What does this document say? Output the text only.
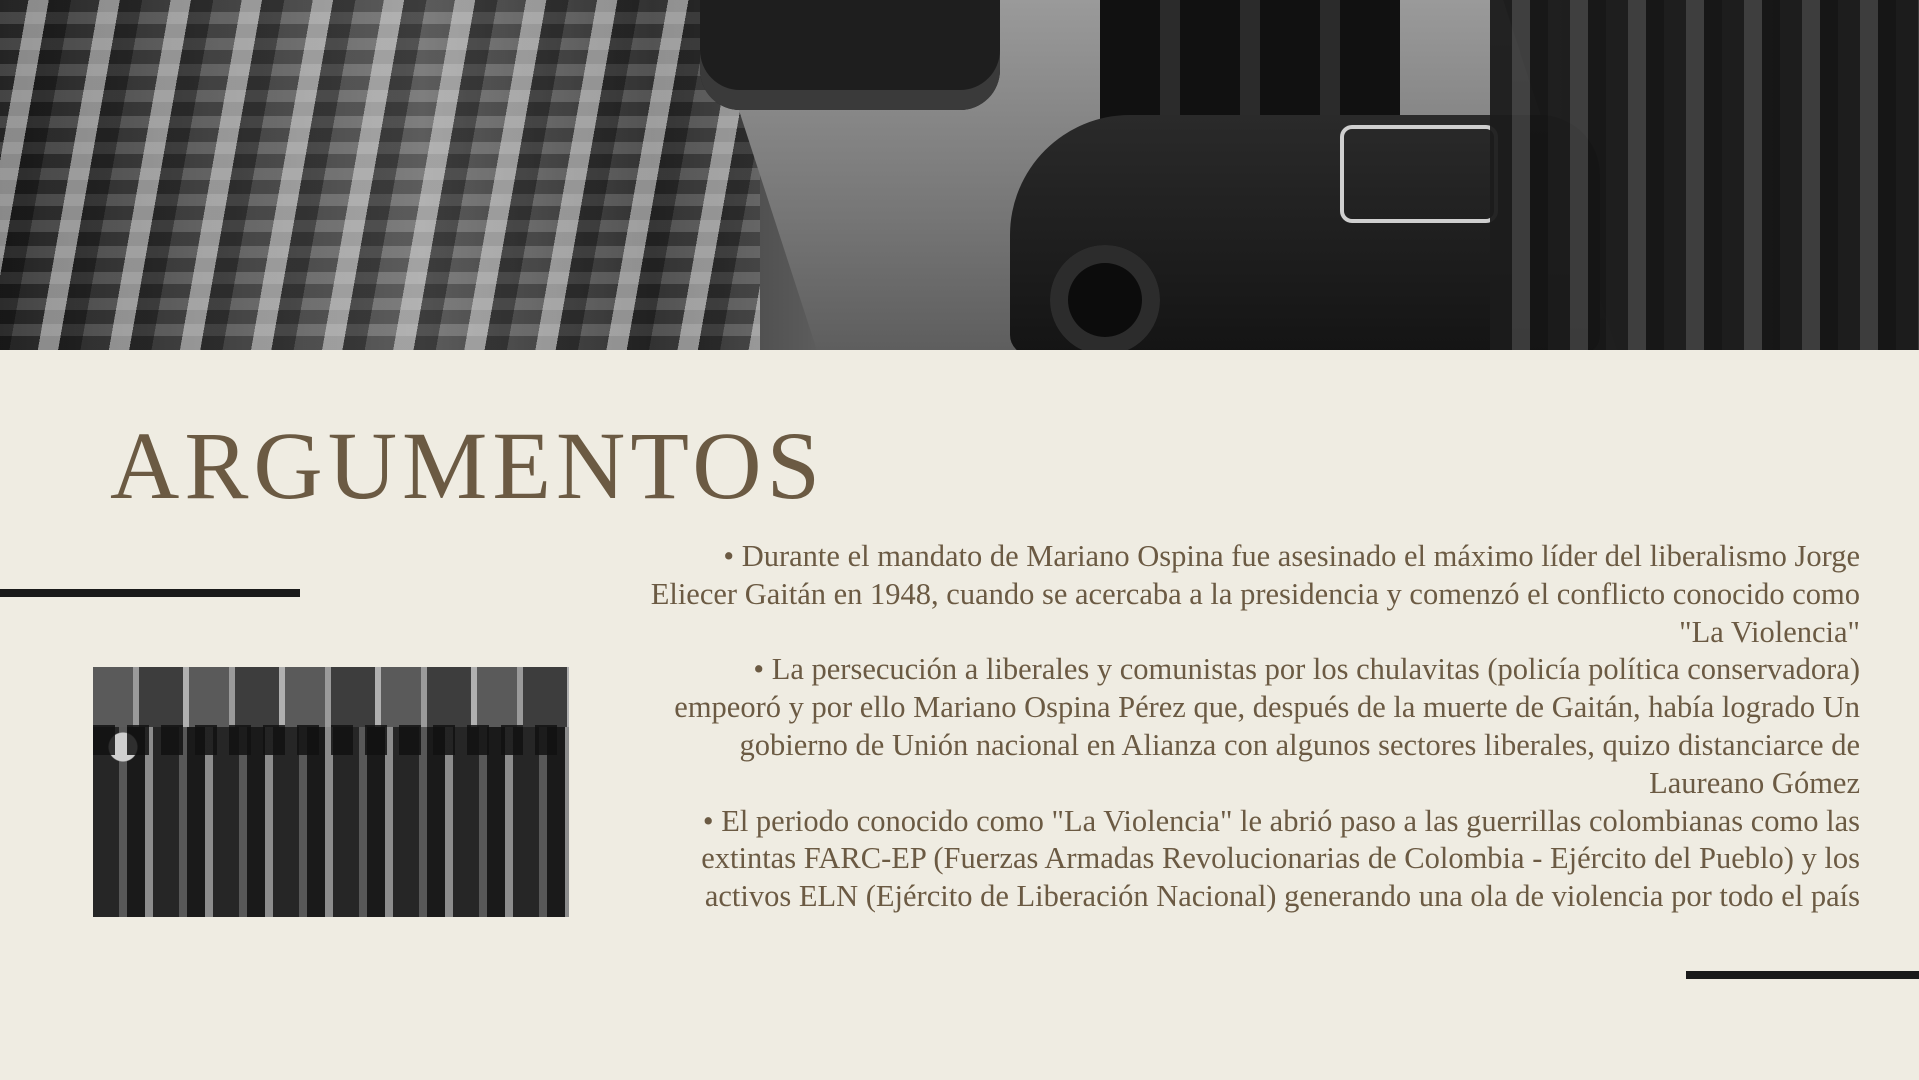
ARGUMENTOS

• Durante el mandato de Mariano Ospina fue asesinado el máximo líder del liberalismo Jorge Eliecer Gaitán en 1948, cuando se acercaba a la presidencia y comenzó el conflicto conocido como "La Violencia"

• La persecución a liberales y comunistas por los chulavitas (policía política conservadora) empeoró y por ello Mariano Ospina Pérez que, después de la muerte de Gaitán, había logrado Un gobierno de Unión nacional en Alianza con algunos sectores liberales, quizo distanciarce de Laureano Gómez

• El periodo conocido como "La Violencia" le abrió paso a las guerrillas colombianas como las extintas FARC-EP (Fuerzas Armadas Revolucionarias de Colombia - Ejército del Pueblo) y los activos ELN (Ejército de Liberación Nacional) generando una ola de violencia por todo el país
